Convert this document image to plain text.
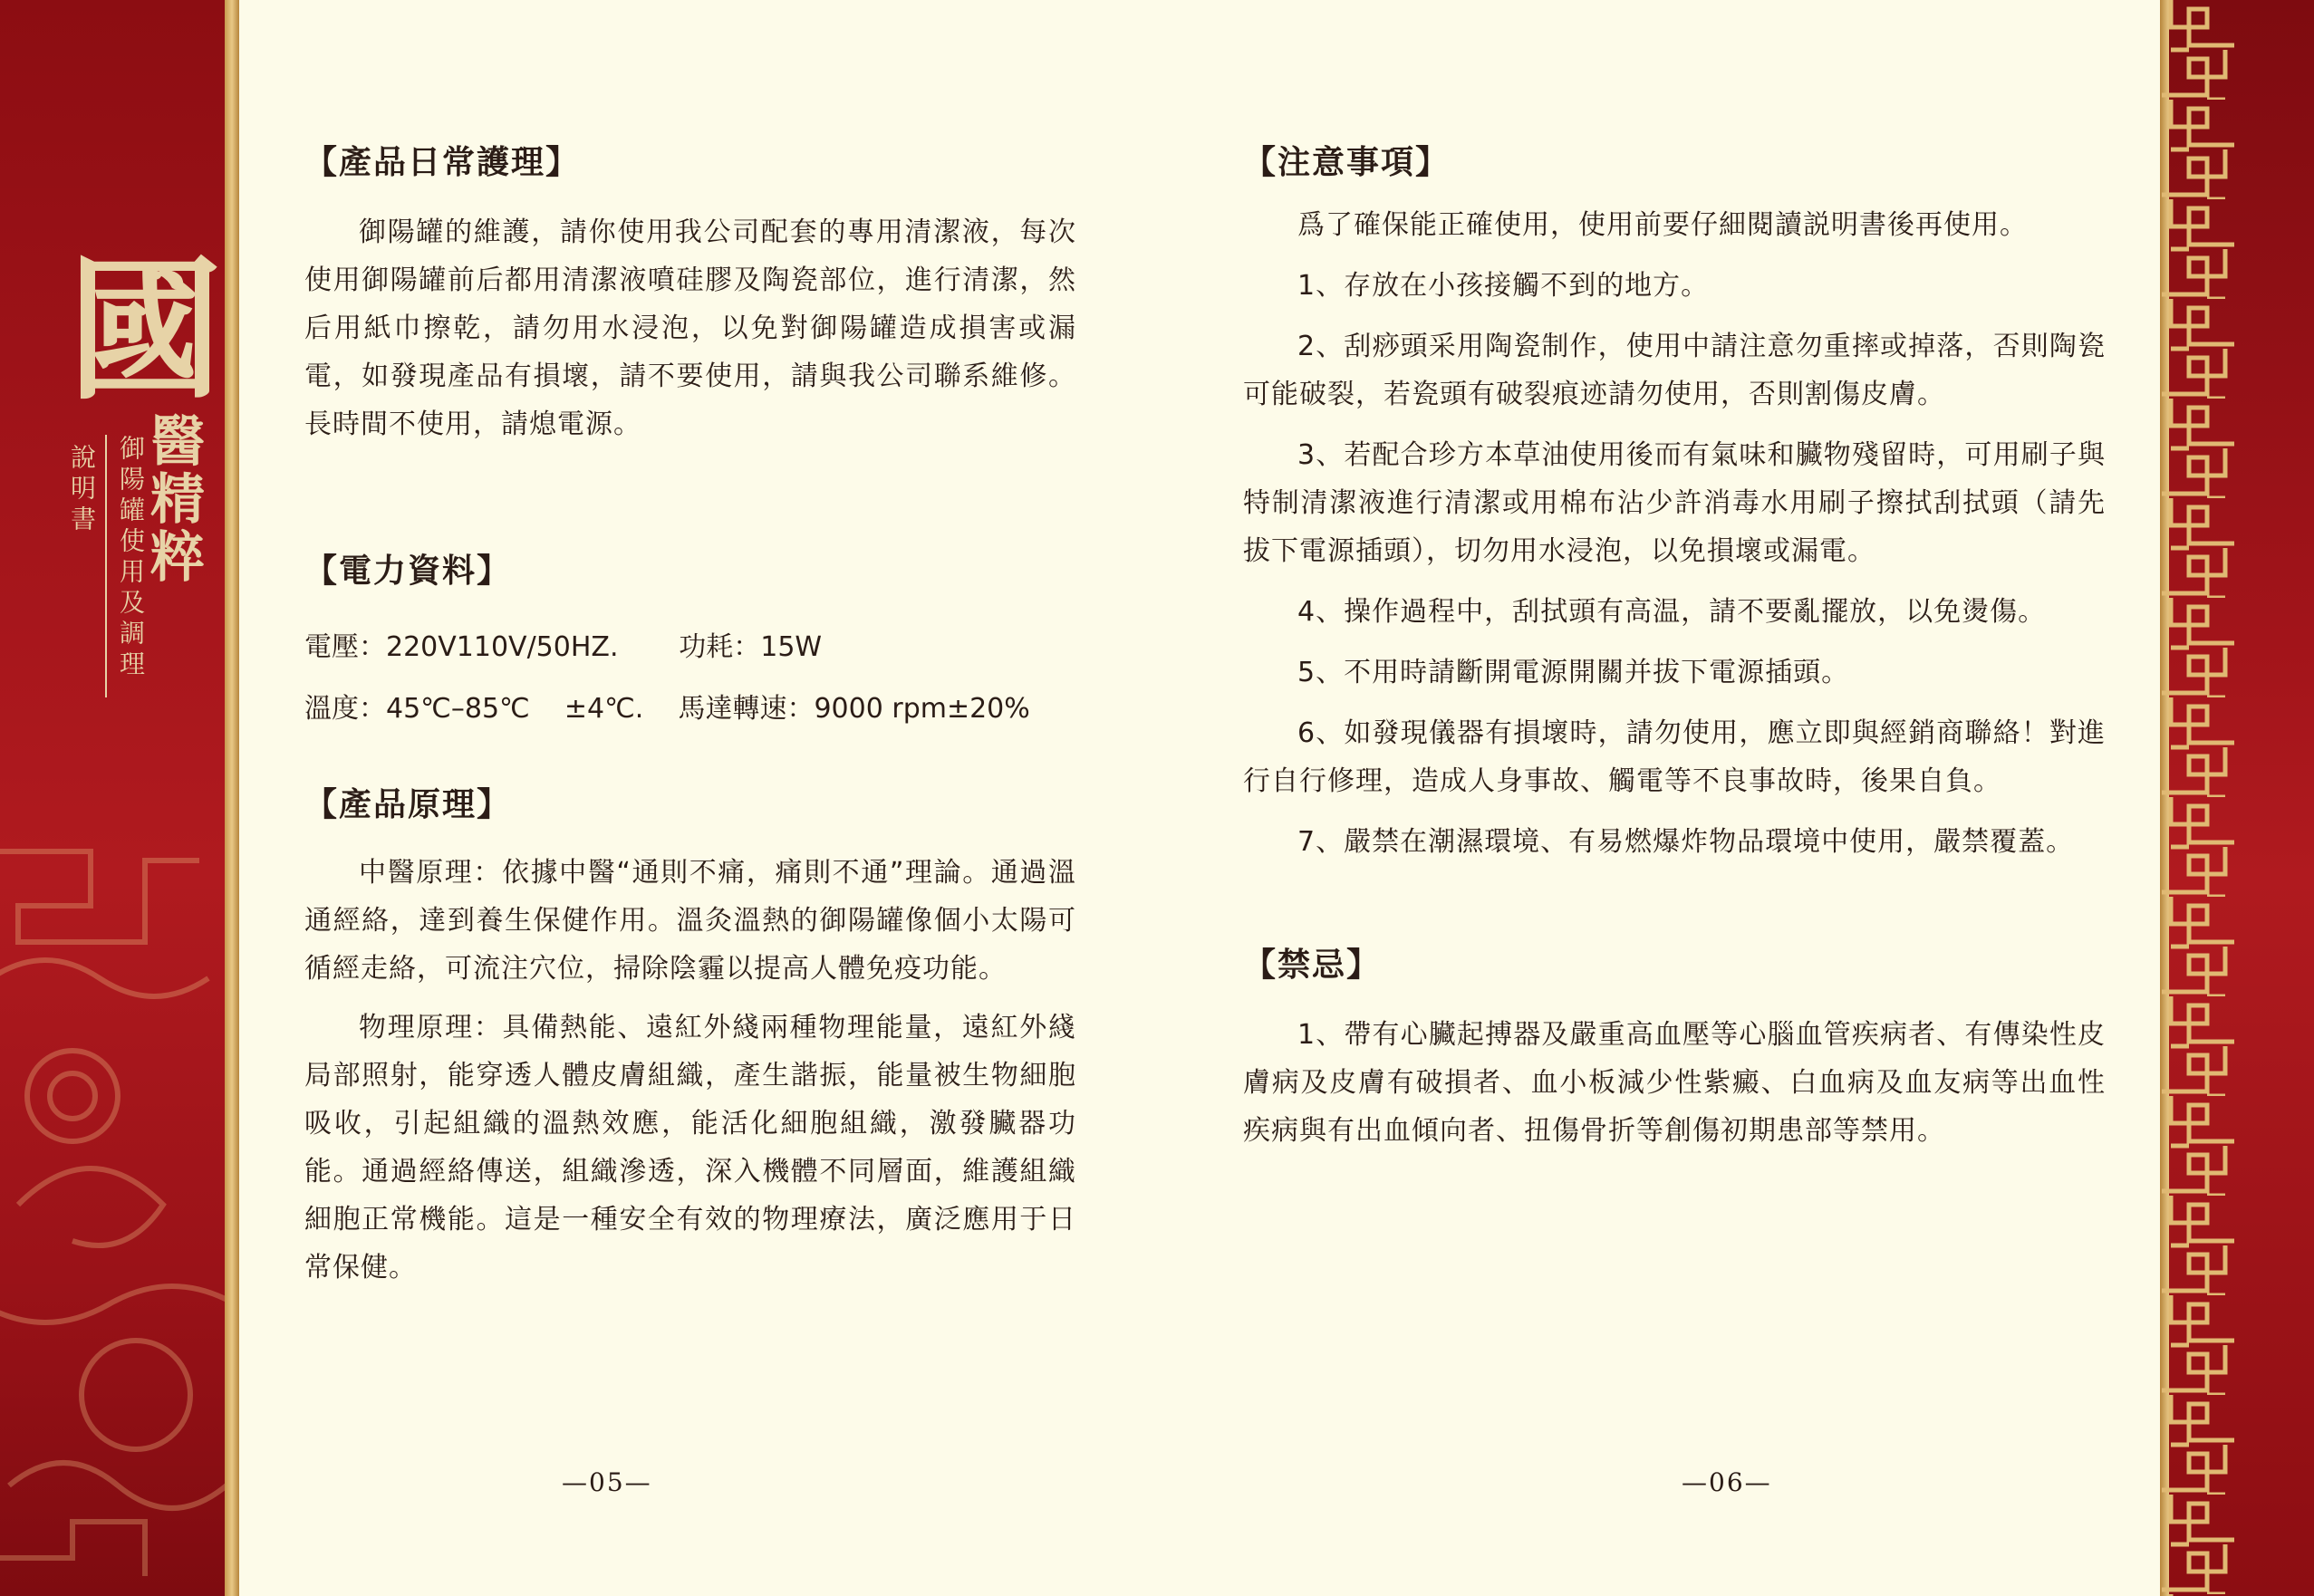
國
醫精粹
御陽罐使用及調理
說明書
【產品日常護理】

御陽罐的維護，請你使用我公司配套的專用清潔液，每次使用御陽罐前后都用清潔液噴硅膠及陶瓷部位，進行清潔，然后用紙巾擦乾，請勿用水浸泡，以免對御陽罐造成損害或漏電，如發現產品有損壞，請不要使用，請與我公司聯系維修。長時間不使用，請熄電源。

【電力資料】

電壓：220V110V/50HZ.       功耗：15W

溫度：45℃–85℃    ±4℃.    馬達轉速：9000 rpm±20%

【產品原理】

中醫原理：依據中醫“通則不痛，痛則不通”理論。通過溫通經絡，達到養生保健作用。溫灸溫熱的御陽罐像個小太陽可循經走絡，可流注穴位，掃除陰霾以提高人體免疫功能。

物理原理：具備熱能、遠紅外綫兩種物理能量，遠紅外綫局部照射，能穿透人體皮膚組織，產生諧振，能量被生物細胞吸收，引起組織的溫熱效應，能活化細胞組織，激發臟器功能。通過經絡傳送，組織滲透，深入機體不同層面，維護組織細胞正常機能。這是一種安全有效的物理療法，廣泛應用于日常保健。

—05—
【注意事項】

爲了確保能正確使用，使用前要仔細閱讀説明書後再使用。

1、存放在小孩接觸不到的地方。

2、刮痧頭采用陶瓷制作，使用中請注意勿重摔或掉落，否則陶瓷可能破裂，若瓷頭有破裂痕迹請勿使用，否則割傷皮膚。

3、若配合珍方本草油使用後而有氣味和臟物殘留時，可用刷子與特制清潔液進行清潔或用棉布沾少許消毒水用刷子擦拭刮拭頭（請先拔下電源插頭），切勿用水浸泡，以免損壞或漏電。

4、操作過程中，刮拭頭有高温，請不要亂擺放，以免燙傷。

5、不用時請斷開電源開關并拔下電源插頭。

6、如發現儀器有損壞時，請勿使用，應立即與經銷商聯絡！對進行自行修理，造成人身事故、觸電等不良事故時，後果自負。

7、嚴禁在潮濕環境、有易燃爆炸物品環境中使用，嚴禁覆蓋。

【禁忌】

1、帶有心臟起搏器及嚴重高血壓等心腦血管疾病者、有傳染性皮膚病及皮膚有破損者、血小板減少性紫癜、白血病及血友病等出血性疾病與有出血傾向者、扭傷骨折等創傷初期患部等禁用。

—06—
